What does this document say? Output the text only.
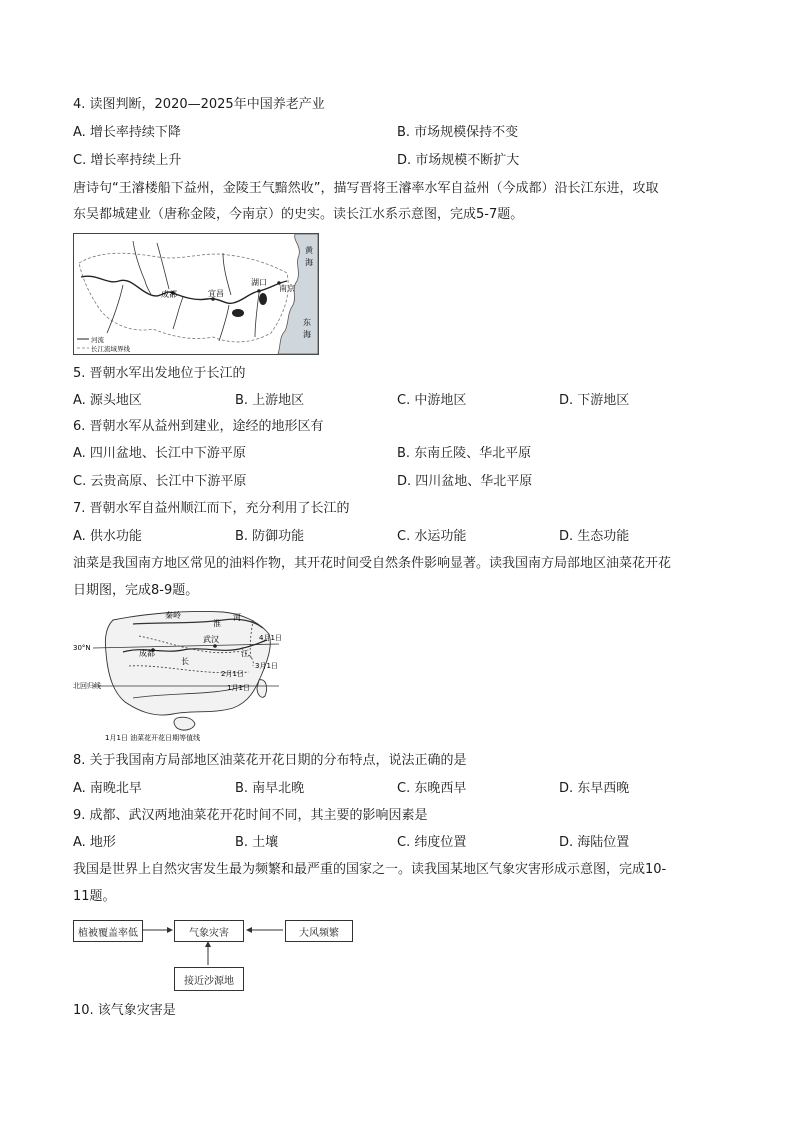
4. 读图判断，2020—2025年中国养老产业
A. 增长率持续下降	B. 市场规模保持不变
C. 增长率持续上升	D. 市场规模不断扩大
唐诗句“王濬楼船下益州，金陵王气黯然收”，描写晋将王濬率水军自益州（今成都）沿长江东进，攻取
东吴都城建业（唐称金陵，今南京）的史实。读长江水系示意图，完成5-7题。
成都	宜昌
湖口
南京
黄
海
东
海
河流
长江流域界线
5. 晋朝水军出发地位于长江的
A. 源头地区	B. 上游地区	C. 中游地区	D. 下游地区
6. 晋朝水军从益州到建业，途经的地形区有
A. 四川盆地、长江中下游平原	B. 东南丘陵、华北平原
C. 云贵高原、长江中下游平原	D. 四川盆地、华北平原
7. 晋朝水军自益州顺江而下，充分利用了长江的
A. 供水功能	B. 防御功能	C. 水运功能	D. 生态功能
油菜是我国南方地区常见的油料作物，其开花时间受自然条件影响显著。读我国南方局部地区油菜花开花
日期图，完成8-9题。
秦岭
淮
河
30°N
成都
武汉
长
江
4月1日
3月1日
2月1日
1月1日
北回归线
1月1日 油菜花开花日期等值线
8. 关于我国南方局部地区油菜花开花日期的分布特点，说法正确的是
A. 南晚北早	B. 南早北晚	C. 东晚西早	D. 东早西晚
9. 成都、武汉两地油菜花开花时间不同，其主要的影响因素是
A. 地形	B. 土壤	C. 纬度位置	D. 海陆位置
我国是世界上自然灾害发生最为频繁和最严重的国家之一。读我国某地区气象灾害形成示意图，完成10-
11题。
植被覆盖率低	气象灾害	大风频繁
接近沙源地
10. 该气象灾害是
